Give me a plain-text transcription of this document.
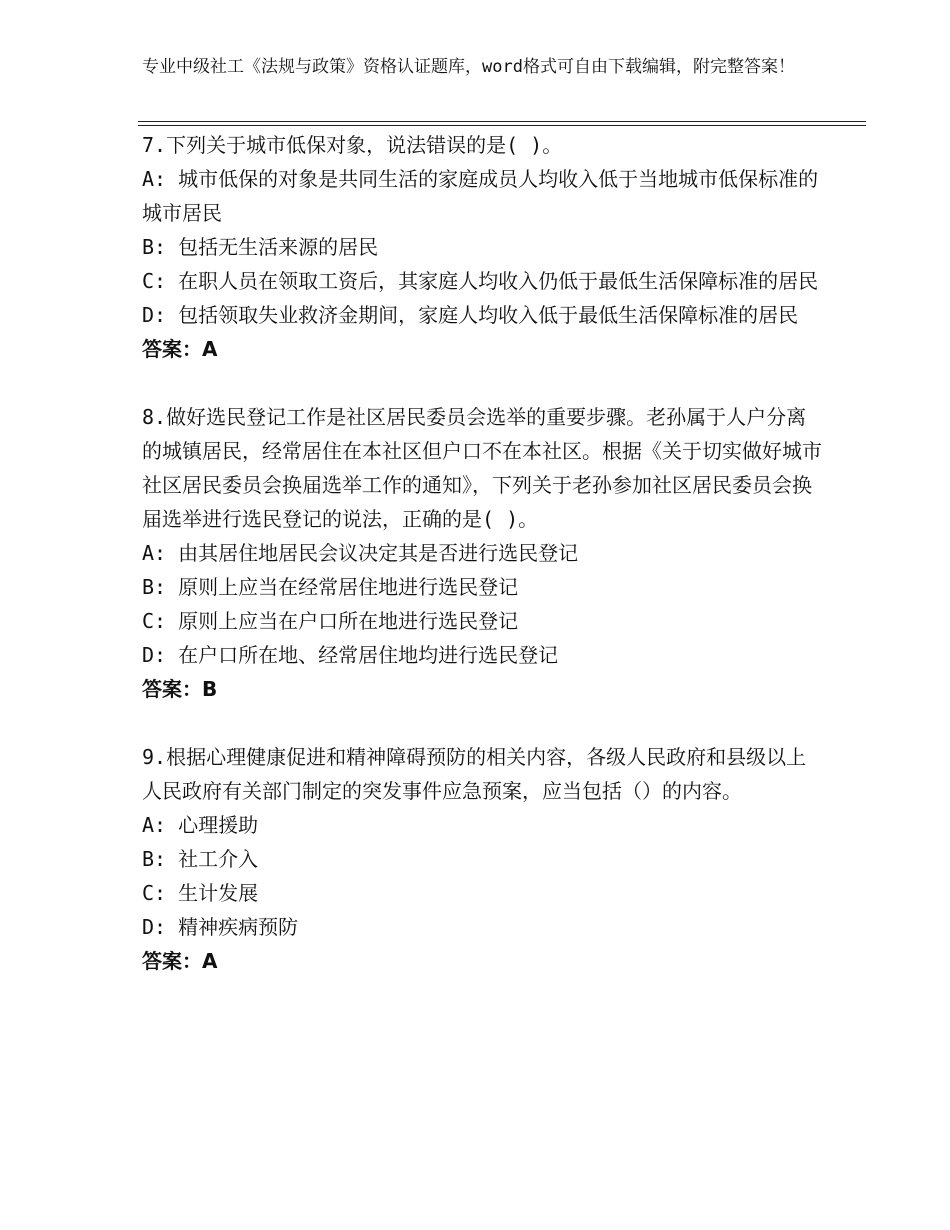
专业中级社工《法规与政策》资格认证题库，word格式可自由下载编辑，附完整答案！

7.下列关于城市低保对象，说法错误的是( )。

A: 城市低保的对象是共同生活的家庭成员人均收入低于当地城市低保标准的城市居民

B: 包括无生活来源的居民

C: 在职人员在领取工资后，其家庭人均收入仍低于最低生活保障标准的居民

D: 包括领取失业救济金期间，家庭人均收入低于最低生活保障标准的居民

答案：A

8.做好选民登记工作是社区居民委员会选举的重要步骤。老孙属于人户分离的城镇居民，经常居住在本社区但户口不在本社区。根据《关于切实做好城市社区居民委员会换届选举工作的通知》，下列关于老孙参加社区居民委员会换届选举进行选民登记的说法，正确的是( )。

A: 由其居住地居民会议决定其是否进行选民登记

B: 原则上应当在经常居住地进行选民登记

C: 原则上应当在户口所在地进行选民登记

D: 在户口所在地、经常居住地均进行选民登记

答案：B

9.根据心理健康促进和精神障碍预防的相关内容，各级人民政府和县级以上人民政府有关部门制定的突发事件应急预案，应当包括（）的内容。

A: 心理援助

B: 社工介入

C: 生计发展

D: 精神疾病预防

答案：A
